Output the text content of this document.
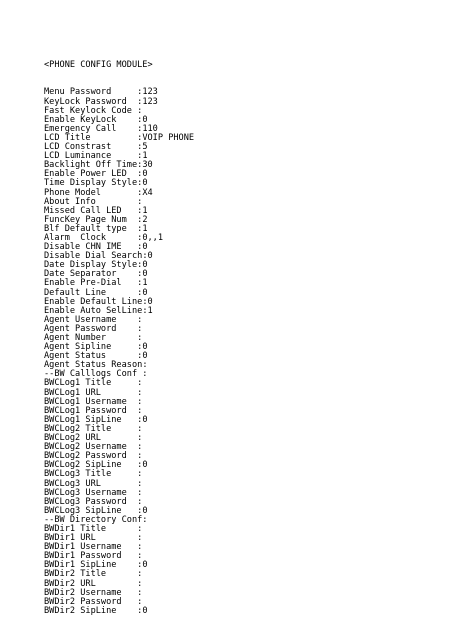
<PHONE CONFIG MODULE>

Menu Password     :123
KeyLock Password  :123
Fast Keylock Code :
Enable KeyLock    :0
Emergency Call    :110
LCD Title         :VOIP PHONE
LCD Constrast     :5
LCD Luminance     :1
Backlight Off Time:30
Enable Power LED  :0
Time Display Style:0
Phone Model       :X4
About Info        :
Missed Call LED   :1
FuncKey Page Num  :2
Blf Default type  :1
Alarm  Clock      :0,,1
Disable CHN IME   :0
Disable Dial Search:0
Date Display Style:0
Date Separator    :0
Enable Pre-Dial   :1
Default Line      :0
Enable Default Line:0
Enable Auto SelLine:1
Agent Username    :
Agent Password    :
Agent Number      :
Agent Sipline     :0
Agent Status      :0
Agent Status Reason:
--BW Calllogs Conf :
BWCLog1 Title     :
BWCLog1 URL       :
BWCLog1 Username  :
BWCLog1 Password  :
BWCLog1 SipLine   :0
BWCLog2 Title     :
BWCLog2 URL       :
BWCLog2 Username  :
BWCLog2 Password  :
BWCLog2 SipLine   :0
BWCLog3 Title     :
BWCLog3 URL       :
BWCLog3 Username  :
BWCLog3 Password  :
BWCLog3 SipLine   :0
--BW Directory Conf:
BWDir1 Title      :
BWDir1 URL        :
BWDir1 Username   :
BWDir1 Password   :
BWDir1 SipLine    :0
BWDir2 Title      :
BWDir2 URL        :
BWDir2 Username   :
BWDir2 Password   :
BWDir2 SipLine    :0
